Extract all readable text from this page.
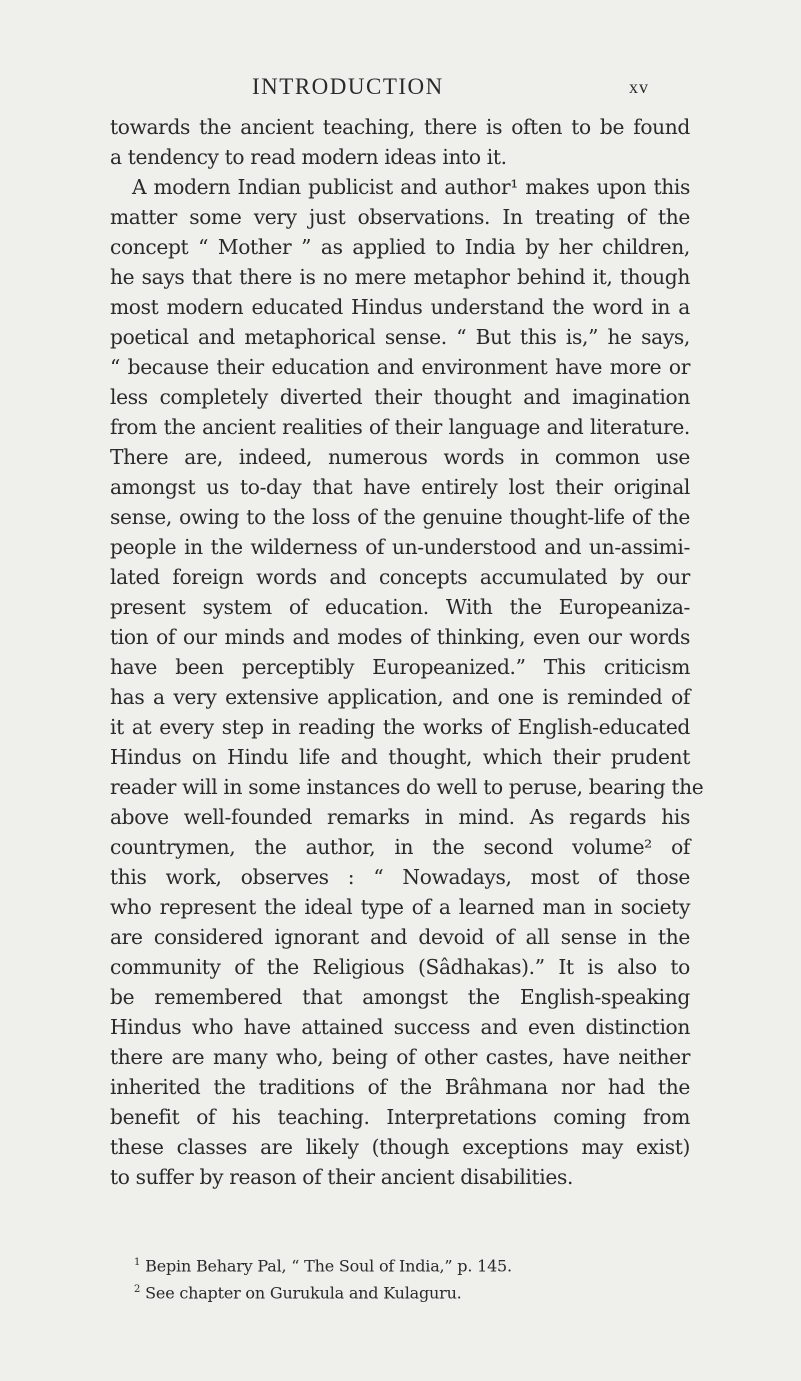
INTRODUCTION	xv
towards the ancient teaching, there is often to be found
a tendency to read modern ideas into it.
A modern Indian publicist and author¹ makes upon this
matter some very just observations. In treating of the
concept “ Mother ” as applied to India by her children,
he says that there is no mere metaphor behind it, though
most modern educated Hindus understand the word in a
poetical and metaphorical sense. “ But this is,” he says,
“ because their education and environment have more or
less completely diverted their thought and imagination
from the ancient realities of their language and literature.
There are, indeed, numerous words in common use
amongst us to-day that have entirely lost their original
sense, owing to the loss of the genuine thought-life of the
people in the wilderness of un-understood and un-assimi-
lated foreign words and concepts accumulated by our
present system of education. With the Europeaniza-
tion of our minds and modes of thinking, even our words
have been perceptibly Europeanized.” This criticism
has a very extensive application, and one is reminded of
it at every step in reading the works of English-educated
Hindus on Hindu life and thought, which their prudent
reader will in some instances do well to peruse, bearing the
above well-founded remarks in mind. As regards his
countrymen, the author, in the second volume² of
this work, observes : “ Nowadays, most of those
who represent the ideal type of a learned man in society
are considered ignorant and devoid of all sense in the
community of the Religious (Sâdhakas).” It is also to
be remembered that amongst the English-speaking
Hindus who have attained success and even distinction
there are many who, being of other castes, have neither
inherited the traditions of the Brâhmana nor had the
benefit of his teaching. Interpretations coming from
these classes are likely (though exceptions may exist)
to suffer by reason of their ancient disabilities.
$^1$ Bepin Behary Pal, “ The Soul of India,” p. 145.
$^2$ See chapter on Gurukula and Kulaguru.
